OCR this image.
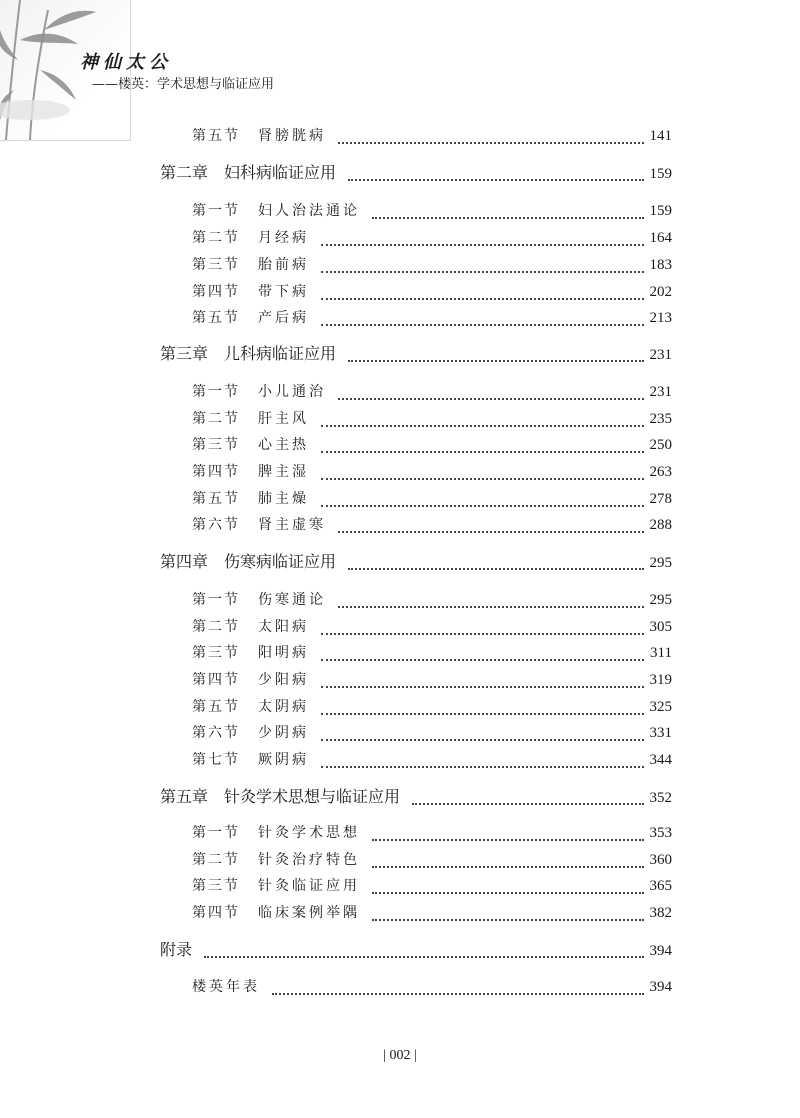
神仙太公
——楼英：学术思想与临证应用
第五节 肾膀胱病	141
第二章 妇科病临证应用	159
第一节 妇人治法通论	159
第二节 月经病	164
第三节 胎前病	183
第四节 带下病	202
第五节 产后病	213
第三章 儿科病临证应用	231
第一节 小儿通治	231
第二节 肝主风	235
第三节 心主热	250
第四节 脾主湿	263
第五节 肺主燥	278
第六节 肾主虚寒	288
第四章 伤寒病临证应用	295
第一节 伤寒通论	295
第二节 太阳病	305
第三节 阳明病	311
第四节 少阳病	319
第五节 太阴病	325
第六节 少阴病	331
第七节 厥阴病	344
第五章 针灸学术思想与临证应用	352
第一节 针灸学术思想	353
第二节 针灸治疗特色	360
第三节 针灸临证应用	365
第四节 临床案例举隅	382
附录	394
楼英年表	394
| 002 |
